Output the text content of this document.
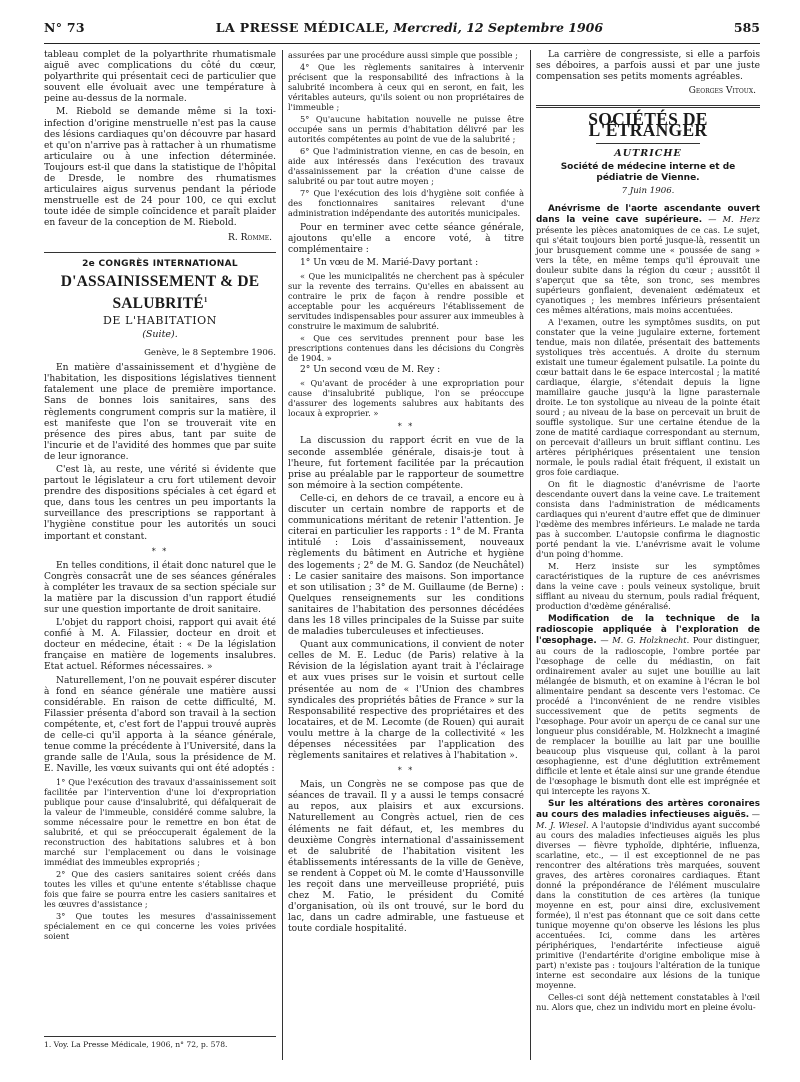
N° 73	LA PRESSE MÉDICALE, Mercredi, 12 Septembre 1906	585

tableau complet de la polyarthrite rhumatismale aiguë avec complications du côté du cœur, polyarthrite qui présentait ceci de particulier que souvent elle évoluait avec une température à peine au-dessus de la normale.

M. Riebold se demande même si la toxi-infection d'origine menstruelle n'est pas la cause des lésions cardiaques qu'on découvre par hasard et qu'on n'arrive pas à rattacher à un rhumatisme articulaire ou à une infection déterminée. Toujours est-il que dans la statistique de l'hôpital de Dresde, le nombre des rhumatismes articulaires aigus survenus pendant la période menstruelle est de 24 pour 100, ce qui exclut toute idée de simple coïncidence et paraît plaider en faveur de la conception de M. Riebold.

R. Romme.

2e CONGRÈS INTERNATIONAL
D'ASSAINISSEMENT & DE SALUBRITÉ$^1$
DE L'HABITATION
(Suite).

Genève, le 8 Septembre 1906.

En matière d'assainissement et d'hygiène de l'habitation, les dispositions législatives tiennent fatalement une place de première importance. Sans de bonnes lois sanitaires, sans des règlements congrument compris sur la matière, il est manifeste que l'on se trouverait vite en présence des pires abus, tant par suite de l'incurie et de l'avidité des hommes que par suite de leur ignorance.

C'est là, au reste, une vérité si évidente que partout le législateur a cru fort utilement devoir prendre des dispositions spéciales à cet égard et que, dans tous les centres un peu importants la surveillance des prescriptions se rapportant à l'hygiène constitue pour les autorités un souci important et constant.

* *

En telles conditions, il était donc naturel que le Congrès consacrât une de ses séances générales à compléter les travaux de sa section spéciale sur la matière par la discussion d'un rapport étudié sur une question importante de droit sanitaire.

L'objet du rapport choisi, rapport qui avait été confié à M. A. Filassier, docteur en droit et docteur en médecine, était : « De la législation française en matière de logements insalubres. Etat actuel. Réformes nécessaires. »

Naturellement, l'on ne pouvait espérer discuter à fond en séance générale une matière aussi considérable. En raison de cette difficulté, M. Filassier présenta d'abord son travail à la section compétente, et, c'est fort de l'appui trouvé auprès de celle-ci qu'il apporta à la séance générale, tenue comme la précédente à l'Université, dans la grande salle de l'Aula, sous la présidence de M. E. Naville, les vœux suivants qui ont été adoptés :

1° Que l'exécution des travaux d'assainissement soit facilitée par l'intervention d'une loi d'expropriation publique pour cause d'insalubrité, qui défalquerait de la valeur de l'immeuble, considéré comme salubre, la somme nécessaire pour le remettre en bon état de salubrité, et qui se préoccuperait également de la reconstruction des habitations salubres et à bon marché sur l'emplacement ou dans le voisinage immédiat des immeubles expropriés ;

2° Que des casiers sanitaires soient créés dans toutes les villes et qu'une entente s'établisse chaque fois que faire se pourra entre les casiers sanitaires et les œuvres d'assistance ;

3° Que toutes les mesures d'assainissement spécialement en ce qui concerne les voies privées soient

1. Voy. La Presse Médicale, 1906, n° 72, p. 578.

assurées par une procédure aussi simple que possible ;

4° Que les règlements sanitaires à intervenir précisent que la responsabilité des infractions à la salubrité incombera à ceux qui en seront, en fait, les véritables auteurs, qu'ils soient ou non propriétaires de l'immeuble ;

5° Qu'aucune habitation nouvelle ne puisse être occupée sans un permis d'habitation délivré par les autorités compétentes au point de vue de la salubrité ;

6° Que l'administration vienne, en cas de besoin, en aide aux intéressés dans l'exécution des travaux d'assainissement par la création d'une caisse de salubrité ou par tout autre moyen ;

7° Que l'exécution des lois d'hygiène soit confiée à des fonctionnaires sanitaires relevant d'une administration indépendante des autorités municipales.

Pour en terminer avec cette séance générale, ajoutons qu'elle a encore voté, à titre complémentaire :

1° Un vœu de M. Marié-Davy portant :

« Que les municipalités ne cherchent pas à spéculer sur la revente des terrains. Qu'elles en abaissent au contraire le prix de façon à rendre possible et acceptable pour les acquéreurs l'établissement de servitudes indispensables pour assurer aux immeubles à construire le maximum de salubrité.

« Que ces servitudes prennent pour base les prescriptions contenues dans les décisions du Congrès de 1904. »

2° Un second vœu de M. Rey :

« Qu'avant de procéder à une expropriation pour cause d'insalubrité publique, l'on se préoccupe d'assurer des logements salubres aux habitants des locaux à exproprier. »

* *

La discussion du rapport écrit en vue de la seconde assemblée générale, disais-je tout à l'heure, fut fortement facilitée par la précaution prise au préalable par le rapporteur de soumettre son mémoire à la section compétente.

Celle-ci, en dehors de ce travail, a encore eu à discuter un certain nombre de rapports et de communications méritant de retenir l'attention. Je citerai en particulier les rapports : 1° de M. Franta intitulé : Lois d'assainissement, nouveaux règlements du bâtiment en Autriche et hygiène des logements ; 2° de M. G. Sandoz (de Neuchâtel) : Le casier sanitaire des maisons. Son importance et son utilisation ; 3° de M. Guillaume (de Berne) : Quelques renseignements sur les conditions sanitaires de l'habitation des personnes décédées dans les 18 villes principales de la Suisse par suite de maladies tuberculeuses et infectieuses.

Quant aux communications, il convient de noter celles de M. E. Leduc (de Paris) relative à la Révision de la législation ayant trait à l'éclairage et aux vues prises sur le voisin et surtout celle présentée au nom de « l'Union des chambres syndicales des propriétés bâties de France » sur la Responsabilité respective des propriétaires et des locataires, et de M. Lecomte (de Rouen) qui aurait voulu mettre à la charge de la collectivité « les dépenses nécessitées par l'application des règlements sanitaires et relatives à l'habitation ».

* *

Mais, un Congrès ne se compose pas que de séances de travail. Il y a aussi le temps consacré au repos, aux plaisirs et aux excursions. Naturellement au Congrès actuel, rien de ces éléments ne fait défaut, et, les membres du deuxième Congrès international d'assainissement et de salubrité de l'habitation visitent les établissements intéressants de la ville de Genève, se rendent à Coppet où M. le comte d'Haussonville les reçoit dans une merveilleuse propriété, puis chez M. Fatio, le président du Comité d'organisation, où ils ont trouvé, sur le bord du lac, dans un cadre admirable, une fastueuse et toute cordiale hospitalité.

La carrière de congressiste, si elle a parfois ses déboires, a parfois aussi et par une juste compensation ses petits moments agréables.

Georges Vitoux.

SOCIÉTÉS DE L'ÉTRANGER
AUTRICHE
Société de médecine interne et de pédiatrie de Vienne.
7 Juin 1906.

Anévrisme de l'aorte ascendante ouvert dans la veine cave supérieure. — M. Herz présente les pièces anatomiques de ce cas. Le sujet, qui s'était toujours bien porté jusque-là, ressentit un jour brusquement comme une « poussée de sang » vers la tête, en même temps qu'il éprouvait une douleur subite dans la région du cœur ; aussitôt il s'aperçut que sa tête, son tronc, ses membres supérieurs gonflaient, devenaient œdémateux et cyanotiques ; les membres inférieurs présentaient ces mêmes altérations, mais moins accentuées.

A l'examen, outre les symptômes susdits, on put constater que la veine jugulaire externe, fortement tendue, mais non dilatée, présentait des battements systoliques très accentués. A droite du sternum existait une tumeur également pulsatile. La pointe du cœur battait dans le 6e espace intercostal ; la matité cardiaque, élargie, s'étendait depuis la ligne mamillaire gauche jusqu'à la ligne parasternale droite. Le ton systolique au niveau de la pointe était sourd ; au niveau de la base on percevait un bruit de souffle systolique. Sur une certaine étendue de la zone de matité cardiaque correspondant au sternum, on percevait d'ailleurs un bruit sifflant continu. Les artères périphériques présentaient une tension normale, le pouls radial était fréquent, il existait un gros foie cardiaque.

On fit le diagnostic d'anévrisme de l'aorte descendante ouvert dans la veine cave. Le traitement consista dans l'administration de médicaments cardiaques qui n'eurent d'autre effet que de diminuer l'œdème des membres inférieurs. Le malade ne tarda pas à succomber. L'autopsie confirma le diagnostic porté pendant la vie. L'anévrisme avait le volume d'un poing d'homme.

M. Herz insiste sur les symptômes caractéristiques de la rupture de ces anévrismes dans la veine cave : pouls veineux systolique, bruit sifflant au niveau du sternum, pouls radial fréquent, production d'œdème généralisé.

Modification de la technique de la radioscopie appliquée à l'exploration de l'œsophage. — M. G. Holzknecht. Pour distinguer, au cours de la radioscopie, l'ombre portée par l'œsophage de celle du médiastin, on fait ordinairement avaler au sujet une bouillie au lait mélangée de bismuth, et on examine à l'écran le bol alimentaire pendant sa descente vers l'estomac. Ce procédé a l'inconvénient de ne rendre visibles successivement que de petits segments de l'œsophage. Pour avoir un aperçu de ce canal sur une longueur plus considérable, M. Holzknecht a imaginé de remplacer la bouillie au lait par une bouillie beaucoup plus visqueuse qui, collant à la paroi œsophagienne, est d'une déglutition extrêmement difficile et lente et étale ainsi sur une grande étendue de l'œsophage le bismuth dont elle est imprégnée et qui intercepte les rayons X.

Sur les altérations des artères coronaires au cours des maladies infectieuses aiguës. — M. J. Wiesel. A l'autopsie d'individus ayant succombé au cours des maladies infectieuses aiguës les plus diverses — fièvre typhoïde, diphtérie, influenza, scarlatine, etc., — il est exceptionnel de ne pas rencontrer des altérations très marquées, souvent graves, des artères coronaires cardiaques. Étant donné la prépondérance de l'élément musculaire dans la constitution de ces artères (la tunique moyenne en est, pour ainsi dire, exclusivement formée), il n'est pas étonnant que ce soit dans cette tunique moyenne qu'on observe les lésions les plus accentuées. Ici, comme dans les artères périphériques, l'endartérite infectieuse aiguë primitive (l'endartérite d'origine embolique mise à part) n'existe pas : toujours l'altération de la tunique interne est secondaire aux lésions de la tunique moyenne.

Celles-ci sont déjà nettement constatables à l'œil nu. Alors que, chez un individu mort en pleine évolu-
